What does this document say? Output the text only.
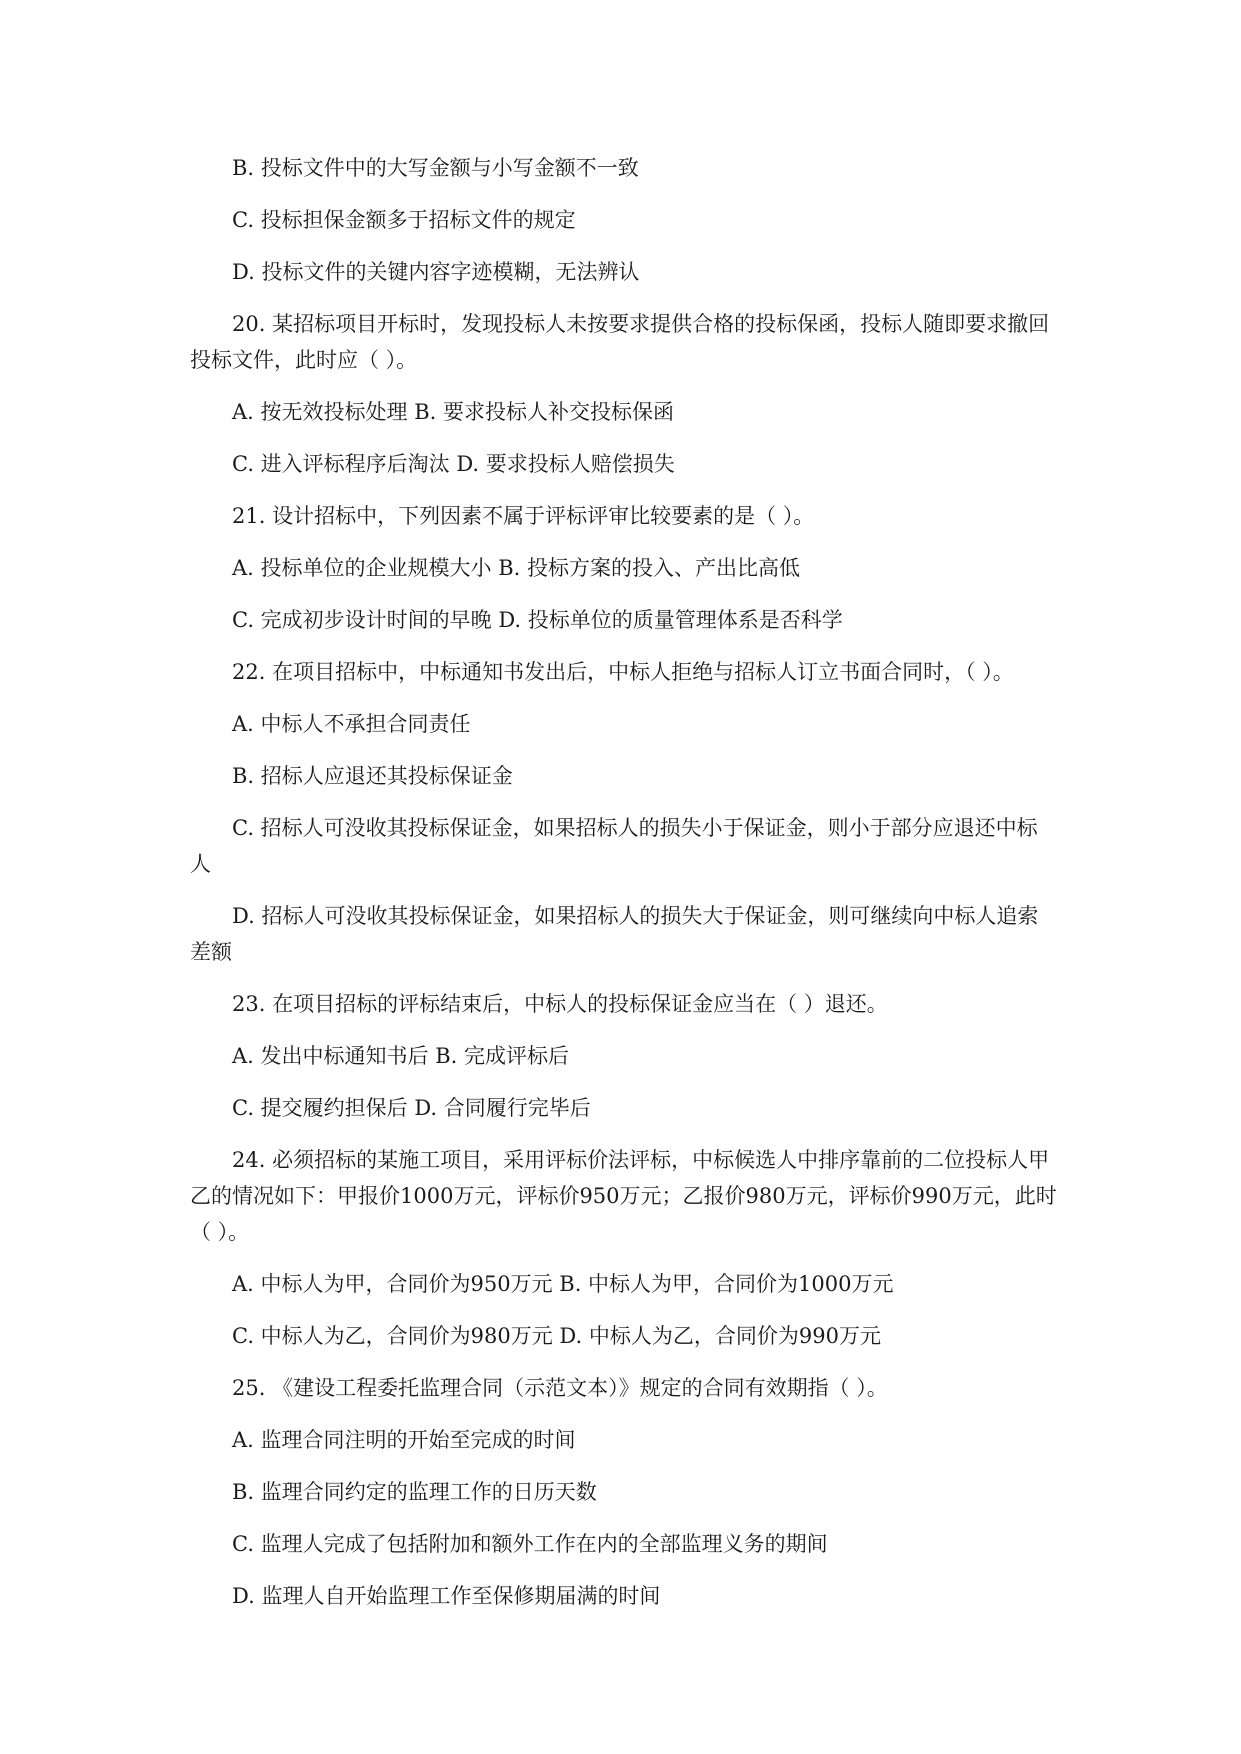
B. 投标文件中的大写金额与小写金额不一致

C. 投标担保金额多于招标文件的规定

D. 投标文件的关键内容字迹模糊，无法辨认

20. 某招标项目开标时，发现投标人未按要求提供合格的投标保函，投标人随即要求撤回投标文件，此时应（ ）。

A. 按无效投标处理 B. 要求投标人补交投标保函

C. 进入评标程序后淘汰 D. 要求投标人赔偿损失

21. 设计招标中，下列因素不属于评标评审比较要素的是（ ）。

A. 投标单位的企业规模大小 B. 投标方案的投入、产出比高低

C. 完成初步设计时间的早晚 D. 投标单位的质量管理体系是否科学

22. 在项目招标中，中标通知书发出后，中标人拒绝与招标人订立书面合同时，（ ）。

A. 中标人不承担合同责任

B. 招标人应退还其投标保证金

C. 招标人可没收其投标保证金，如果招标人的损失小于保证金，则小于部分应退还中标人

D. 招标人可没收其投标保证金，如果招标人的损失大于保证金，则可继续向中标人追索差额

23. 在项目招标的评标结束后，中标人的投标保证金应当在（ ）退还。

A. 发出中标通知书后 B. 完成评标后

C. 提交履约担保后 D. 合同履行完毕后

24. 必须招标的某施工项目，采用评标价法评标，中标候选人中排序靠前的二位投标人甲乙的情况如下：甲报价1000万元，评标价950万元；乙报价980万元，评标价990万元，此时（ ）。

A. 中标人为甲，合同价为950万元 B. 中标人为甲，合同价为1000万元

C. 中标人为乙，合同价为980万元 D. 中标人为乙，合同价为990万元

25. 《建设工程委托监理合同（示范文本）》规定的合同有效期指（ ）。

A. 监理合同注明的开始至完成的时间

B. 监理合同约定的监理工作的日历天数

C. 监理人完成了包括附加和额外工作在内的全部监理义务的期间

D. 监理人自开始监理工作至保修期届满的时间
